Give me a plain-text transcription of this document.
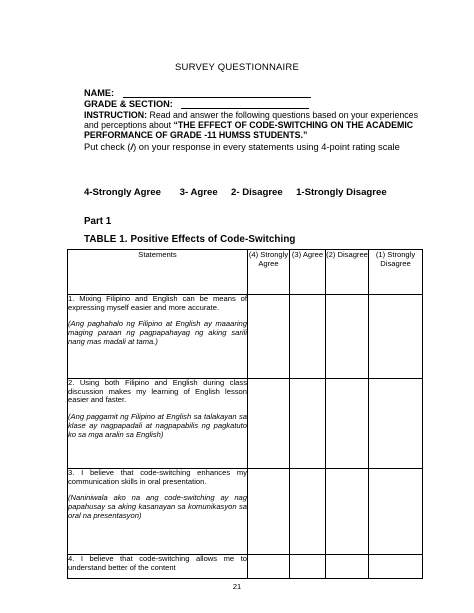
SURVEY QUESTIONNAIRE
NAME:
GRADE & SECTION:
INSTRUCTION: Read and answer the following questions based on your experiences and perceptions about “THE EFFECT OF CODE-SWITCHING ON THE ACADEMIC PERFORMANCE OF GRADE -11 HUMSS STUDENTS.”
Put check (/) on your response in every statements using 4-point rating scale
4-Strongly Agree 3- Agree 2- Disagree 1-Strongly Disagree
Part 1
TABLE 1. Positive Effects of Code-Switching
Statements	(4) Strongly Agree	(3) Agree	(2) Disagree	(1) Strongly Disagree

1. Mixing Filipino and English can be means of expressing myself easier and more accurate.
(Ang paghahalo ng Filipino at English ay maaaring maging paraan ng pagpapahayag ng aking sarili nang mas madali at tama.)				

2. Using both Filipino and English during class discussion makes my learning of English lesson easier and faster.
(Ang paggamit ng Filipino at English sa talakayan sa klase ay nagpapadali at nagpapabilis ng pagkatuto ko sa mga aralin sa English)				

3. I believe that code-switching enhances my communication skills in oral presentation.
(Naniniwala ako na ang code-switching ay nag papahusay sa aking kasanayan sa komunikasyon sa oral na presentasyon)				

4. I believe that code-switching allows me to understand better of the content				

21
